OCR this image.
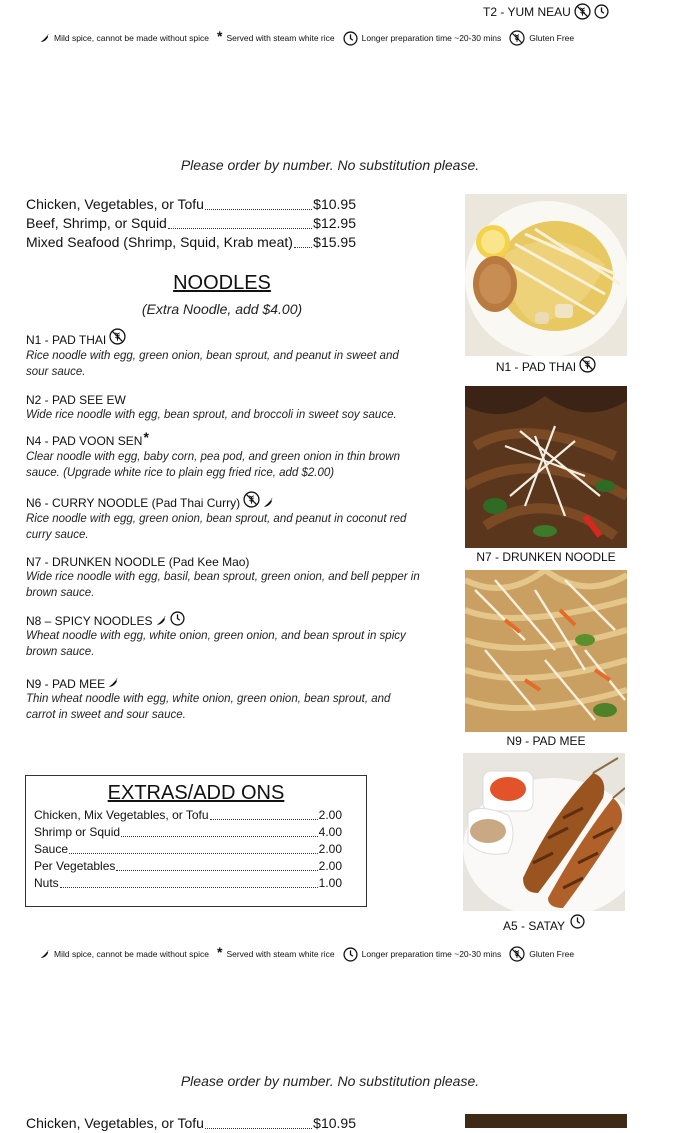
T2 - YUM NEAU
Mild spice, cannot be made without spice * Served with steam white rice	Longer preparation time ~20-30 mins	Gluten Free
Please order by number. No substitution please.
Chicken, Vegetables, or Tofu	$10.95
Beef, Shrimp, or Squid	$12.95
Mixed Seafood (Shrimp, Squid, Krab meat) $15.95
NOODLES
(Extra Noodle, add $4.00)
N1 - PAD THAI
Rice noodle with egg, green onion, bean sprout, and peanut in sweet and sour sauce.
N2 - PAD SEE EW
Wide rice noodle with egg, bean sprout, and broccoli in sweet soy sauce.
N4 - PAD VOON SEN *
Clear noodle with egg, baby corn, pea pod, and green onion in thin brown sauce. (Upgrade white rice to plain egg fried rice, add $2.00)
N6 - CURRY NOODLE
(Pad Thai Curry)
Rice noodle with egg, green onion, bean sprout, and peanut in coconut red curry sauce.
N7 - DRUNKEN NOODLE
(Pad Kee Mao)
Wide rice noodle with egg, basil, bean sprout, green onion, and bell pepper in brown sauce.
N8 – SPICY NOODLES
Wheat noodle with egg, white onion, green onion, and bean sprout in spicy brown sauce.
N9 - PAD MEE
Thin wheat noodle with egg, white onion, green onion, bean sprout, and carrot in sweet and sour sauce.
N1 - PAD THAI
N7 - DRUNKEN NOODLE
N9 - PAD MEE
A5 - SATAY
EXTRAS/ADD ONS
Chicken, Mix Vegetables, or Tofu	2.00
Shrimp or Squid	4.00
Sauce	2.00
Per Vegetables	2.00
Nuts	1.00
Mild spice, cannot be made without spice * Served with steam white rice	Longer preparation time ~20-30 mins	Gluten Free
Please order by number. No substitution please.
Chicken, Vegetables, or Tofu	$10.95
